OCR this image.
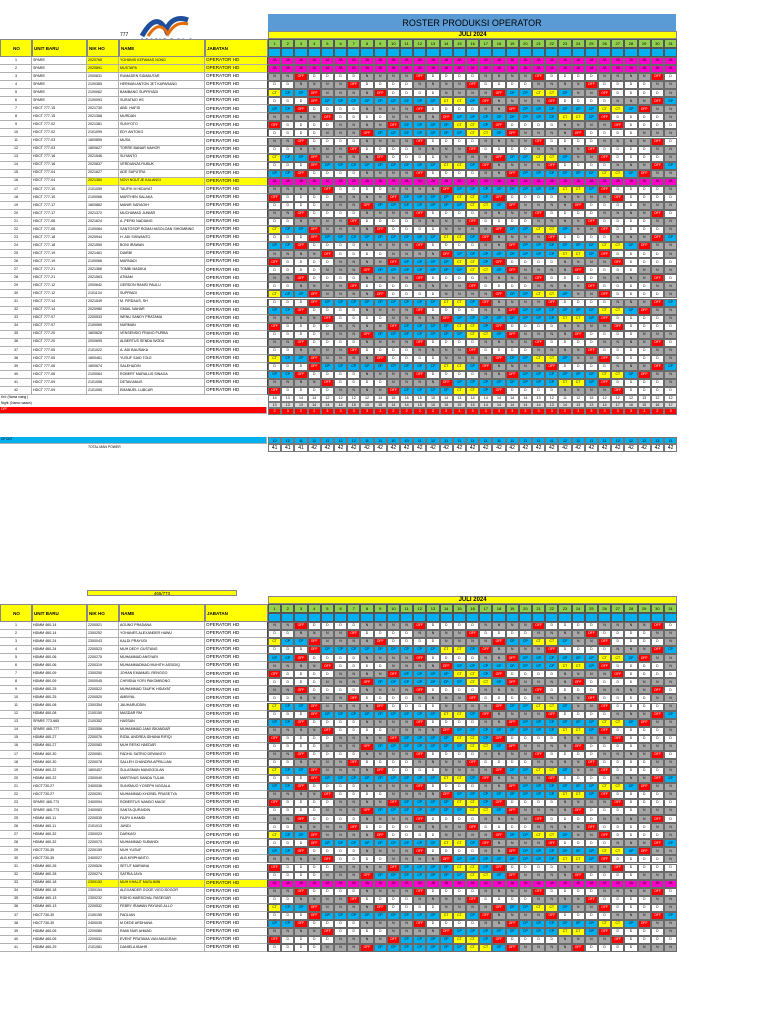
777
ROSTER PRODUKSI OPERATOR
JULI 2024
NO	UNIT BARU	NIK HO	NAME	JABATAN
1	2	3	4	5	6	7	8	9	10	11	12	13	14	15	16	17	18	19	20	21	22	23	24	25	26	27	28	29	30	31
1	SPARE	2020765	YOHANIS KEFAMAS NONG	OPERATOR HD	JA	JA	JA	JA	JA	JA	JA	JA	JA	JA	JA	JA	JA	JA	JA	JA	JA	JA	JA	JA	JA	JA	JA	JA	JA	JA	JA	JA	JA	JA	JA
2	SPARE	2020891	MUSTAPA	OPERATOR HD	JA	JA	JA	JA	JA	JA	JA	JA	JA	JA	JA	JA	JA	JA	JA	JA	JA	JA	JA	JA	JA	JA	JA	JA	JA	JA	JA	JA	JA	JA	JA
3	SPARE	2000631	RUMADEN SIDABUTAR	OPERATOR HD	N	N	OFF	D	D	D	D	N	N	N	N	OFF	D	D	D	D	N	N	N	N	OFF	D	D	D	D	N	N	N	N	OFF	D
4	SPARE	2100365	HERMAN ANTON JET KAPARANG	OPERATOR HD	D	D	N	N	N	N	OFF	D	D	D	D	N	N	N	N	OFF	D	D	D	D	N	N	N	N	OFF	D	D	D	D	N	N
5	SPARE	2100062	BAMBANG SUPRIYADI	OPERATOR HD	CT	CP	CP	OFF	N	N	N	N	OFF	D	D	D	D	N	N	N	N	OFF	CP	CP	CT	CT	CP	N	N	OFF	D	D	D	D	N
6	SPARE	2100093	SURATMO HS	OPERATOR HD	D	D	D	OFF	CP	CP	CP	CP	CP	CP	CP	CP	CP	CT	CT	CP	OFF	N	N	N	N	OFF	D	D	D	D	N	N	N	OFF	CP
7	HDCT 777-15	2021730	ABD. HAFID	OPERATOR HD	CP	CP	OFF	D	D	D	D	N	N	N	N	OFF	D	D	D	D	N	N	OFF	CP	CP	CP	CP	CP	CP	CT	CT	CP	OFF	N	N
8	HDCT 777-15	2021368	MURDAN	OPERATOR HD	N	N	N	N	OFF	D	D	D	D	N	N	N	N	OFF	CP	CP	CP	CP	CP	CP	CP	CP	CT	CT	CP	OFF	D	D	D	D	N
9	HDCT 777-02	2021381	SUNYOTO	OPERATOR HD	OFF	D	D	D	D	N	N	N	N	OFF	CP	CP	CP	CP	CT	CT	CP	OFF	D	D	D	D	N	N	N	N	OFF	D	D	D	D
10	HDCT 777-02	2101099	EDY ANTOKO	OPERATOR HD	D	D	D	D	N	N	N	OFF	CP	CP	CP	CP	CP	CP	CP	CT	CT	CP	OFF	N	N	N	N	OFF	D	D	D	D	N	N	N
11	HDCT 777-03	1800859	MUSA	OPERATOR HD	N	N	OFF	D	D	D	D	N	N	N	N	OFF	D	D	D	D	N	N	N	N	OFF	D	D	D	D	N	N	N	N	OFF	D
12	HDCT 777-03	1800627	TORRE BANAR NAHOR	OPERATOR HD	D	D	N	N	N	N	OFF	D	D	D	D	N	N	N	N	OFF	D	D	D	D	N	N	N	N	OFF	D	D	D	D	N	N
13	HDCT 777-16	2021546	SUYANTO	OPERATOR HD	CT	CP	CP	OFF	N	N	N	N	OFF	D	D	D	D	N	N	N	N	OFF	CP	CP	CT	CT	CP	N	N	OFF	D	D	D	D	N
14	HDCT 777-16	2020837	VERDIANZA RUBUK	OPERATOR HD	D	D	D	OFF	CP	CP	CP	CP	CP	CP	CP	CP	CP	CT	CT	CP	OFF	N	N	N	N	OFF	D	D	D	D	N	N	N	OFF	CP
15	HDCT 777-04	2021627	ADE SAPUTRA	OPERATOR HD	CP	CP	OFF	D	D	D	D	N	N	N	N	OFF	D	D	D	D	N	N	OFF	CP	CP	CP	CP	CP	CP	CT	CT	CP	OFF	N	N
16	HDCT 777-04	2021360	NOVI NOUTJE KALANGI	OPERATOR HD	JA	JA	JA	JA	JA	JA	JA	JA	JA	JA	JA	JA	JA	JA	JA	JA	JA	JA	JA	JA	JA	JA	JA	JA	JA	JA	JA	JA	JA	JA	JA
17	HDCT 777-10	2101059	TAUFIK M HIDAYAT	OPERATOR HD	N	N	N	N	OFF	D	D	D	D	N	N	N	N	OFF	CP	CP	CP	CP	CP	CP	CP	CP	CT	CT	CP	OFF	D	D	D	D	N
18	HDCT 777-10	2100066	MARTHEN SALAKA	OPERATOR HD	OFF	D	D	D	D	N	N	N	N	OFF	CP	CP	CP	CP	CT	CT	CP	OFF	D	D	D	D	N	N	N	N	OFF	D	D	D	D
19	HDCT 777-17	1800862	MANIR SARAGIH	OPERATOR HD	D	D	D	D	N	N	N	OFF	CP	CP	CP	CP	CP	CP	CP	CT	CT	CP	OFF	N	N	N	N	OFF	D	D	D	D	N	N	N
20	HDCT 777-17	2021372	MUCHAMAD JUNIAR	OPERATOR HD	N	N	OFF	D	D	D	D	N	N	N	N	OFF	D	D	D	D	N	N	N	N	OFF	D	D	D	D	N	N	N	N	OFF	D
21	HDCT 777-06	2021624	A. PERKI NADIANG	OPERATOR HD	D	D	N	N	N	N	OFF	D	D	D	D	N	N	N	N	OFF	D	D	D	D	N	N	N	N	OFF	D	D	D	D	N	N
22	HDCT 777-06	2100084	SANTOSOP ROMA HASOLOAN SIHOMBING	OPERATOR HD	CT	CP	CP	OFF	N	N	N	N	OFF	D	D	D	D	N	N	N	N	OFF	CP	CP	CT	CT	CP	N	N	OFF	D	D	D	D	N
23	HDCT 777-18	2020944	H. ADI SISWANTO	OPERATOR HD	D	D	D	OFF	CP	CP	CP	CP	CP	CP	CP	CP	CP	CT	CT	CP	OFF	N	N	N	N	OFF	D	D	D	D	N	N	N	OFF	CP
24	HDCT 777-18	2021550	BONI IRAWAN	OPERATOR HD	CP	CP	OFF	D	D	D	D	N	N	N	N	OFF	D	D	D	D	N	N	OFF	CP	CP	CP	CP	CP	CP	CT	CT	CP	OFF	N	N
25	HDCT 777-19	2021461	DIARBI	OPERATOR HD	N	N	N	N	OFF	D	D	D	D	N	N	N	N	OFF	CP	CP	CP	CP	CP	CP	CP	CP	CT	CT	CP	OFF	D	D	D	D	N
26	HDCT 777-19	2100066	MARNADI	OPERATOR HD	OFF	D	D	D	D	N	N	N	N	OFF	CP	CP	CP	CP	CT	CT	CP	OFF	D	D	D	D	N	N	N	N	OFF	D	D	D	D
27	HDCT 777-21	2021366	TOMBI MADIKA	OPERATOR HD	D	D	D	D	N	N	N	OFF	CP	CP	CP	CP	CP	CP	CP	CT	CT	CP	OFF	N	N	N	N	OFF	D	D	D	D	N	N	N
28	HDCT 777-21	2021563	ATMAM	OPERATOR HD	N	N	OFF	D	D	D	D	N	N	N	N	OFF	D	D	D	D	N	N	N	N	OFF	D	D	D	D	N	N	N	N	OFF	D
29	HDCT 777-12	2000642	GERSON RAMSI PAULU	OPERATOR HD	D	D	N	N	N	N	OFF	D	D	D	D	N	N	N	N	OFF	D	D	D	D	N	N	N	N	OFF	D	D	D	D	N	N
30	HDCT 777-12	2101134	SUPRIADI	OPERATOR HD	CT	CP	CP	OFF	N	N	N	N	OFF	D	D	D	D	N	N	N	N	OFF	CP	CP	CT	CT	CP	N	N	OFF	D	D	D	D	N
31	HDCT 777-14	2021549	M. FIRDAUS, SH	OPERATOR HD	D	D	D	OFF	CP	CP	CP	CP	CP	CP	CP	CP	CP	CT	CT	CP	OFF	N	N	N	N	OFF	D	D	D	D	N	N	N	OFF	CP
32	HDCT 777-14	2020980	GMAIL NAHAR	OPERATOR HD	CP	CP	OFF	D	D	D	D	N	N	N	N	OFF	D	D	D	D	N	N	OFF	CP	CP	CP	CP	CP	CP	CT	CT	CP	OFF	N	N
33	HDCT 777-07	2200533	WENU SANDY PRATAMA	OPERATOR HD	N	N	N	N	OFF	D	D	D	D	N	N	N	N	OFF	CP	CP	CP	CP	CP	CP	CP	CP	CT	CT	CP	OFF	D	D	D	D	N
34	HDCT 777-07	2100069	NURMAN	OPERATOR HD	OFF	D	D	D	D	N	N	N	N	OFF	CP	CP	CP	CP	CT	CT	CP	OFF	D	D	D	D	N	N	N	N	OFF	D	D	D	D
35	HDCT 777-20	1800628	VENSENSIO FRANO PURBA	OPERATOR HD	D	D	D	D	N	N	N	OFF	CP	CP	CP	CP	CP	CP	CP	CT	CT	CP	OFF	N	N	N	N	OFF	D	D	D	D	N	N	N
36	HDCT 777-20	2000695	ALBERTUS SENDA WODA	OPERATOR HD	N	N	OFF	D	D	D	D	N	N	N	N	OFF	D	D	D	D	N	N	N	N	OFF	D	D	D	D	N	N	N	N	OFF	D
37	HDCT 777-05	2101022	A. ADI BAUSAKA	OPERATOR HD	D	D	N	N	N	N	OFF	D	D	D	D	N	N	N	N	OFF	D	D	D	D	N	N	N	N	OFF	D	D	D	D	N	N
38	HDCT 777-05	1800461	YUSUF SAID TOLE	OPERATOR HD	CT	CP	CP	OFF	N	N	N	N	OFF	D	D	D	D	N	N	N	N	OFF	CP	CP	CT	CT	CP	N	N	OFF	D	D	D	D	N
39	HDCT 777-06	1800674	SALEHUDIN	OPERATOR HD	D	D	D	OFF	CP	CP	CP	CP	CP	CP	CP	CP	CP	CT	CT	CP	OFF	N	N	N	N	OFF	D	D	D	D	N	N	N	OFF	CP
40	HDCT 777-06	2100064	ROBERT MARALUS SINAGA	OPERATOR HD	CP	CP	OFF	D	D	D	D	N	N	N	N	OFF	D	D	D	D	N	N	OFF	CP	CP	CP	CP	CP	CP	CT	CT	CP	OFF	N	N
41	HDCT 777-09	2101058	DETAVIANUS	OPERATOR HD	N	N	N	N	OFF	D	D	D	D	N	N	N	N	OFF	CP	CP	CP	CP	CP	CP	CP	CP	CT	CT	CP	OFF	D	D	D	D	N
42	HDCT 777-09	2101050	EMANUEL LUBCAR	OPERATOR HD	OFF	D	D	D	D	N	N	N	N	OFF	CP	CP	CP	CP	CT	CT	CP	OFF	D	D	D	D	N	N	N	N	OFF	D	D	D	D
Ket: (Nama ruang )
Night: (Nama ruaaan)
OFF
14	13	14	14	12	12	12	12	14	15	16	15	15	14	13	14	14	14	14	14	13	12	11	12	15	12	12	12	13	12	12
13	13	13	14	14	14	15	15	15	14	14	15	15	15	15	15	14	14	14	14	14	13	14	13	13	14	17	16	15	16	17
2	3	2	2	3	3	3	3	3	2	2	2	2	2	3	3	3	3	3	3	3	3	2	3	3	3	3	3	3	2	3
CP DCT	10	12	11	11	11	12	12	11	11	10	10	11	12	11	11	11	11	11	11	11	11	11	12	11	11	11	12	12	12	13	11
TOTAL MAN POWER	41	41	41	42	42	42	42	42	42	42	42	42	42	42	42	42	42	42	42	42	42	42	42	42	42	42	42	42	42	42	42
JULI 2024
465/773
NO	UNIT BARU	NIK HO	NAME	JABATAN
1	2	3	4	5	6	7	8	9	10	11	12	13	14	15	16	17	18	19	20	21	22	23	24	25	26	27	28	29	30	31
1	HDMM 460-14	2200521	AGUNG PRADANA	OPERATOR HD	N	N	OFF	D	D	D	D	N	N	N	N	OFF	D	D	D	D	N	N	N	N	OFF	D	D	D	D	N	N	N	N	OFF	D
2	HDMM 460-14	2300252	YOHANES ALEXANDER HAWU	OPERATOR HD	D	D	N	N	N	N	OFF	D	D	D	D	N	N	N	N	OFF	D	D	D	D	N	N	N	N	OFF	D	D	D	D	N	N
3	HDMM 460-24	2300043	KALDI PRAYUDI	OPERATOR HD	CT	CP	CP	OFF	N	N	N	N	OFF	D	D	D	D	N	N	N	N	OFF	CP	CP	CT	CT	CP	N	N	OFF	D	D	D	D	N
4	HDMM 460-24	2200523	MUH DEDY GUSTANG	OPERATOR HD	D	D	D	OFF	CP	CP	CP	CP	CP	CP	CP	CP	CP	CT	CT	CP	OFF	N	N	N	N	OFF	D	D	D	D	N	N	N	OFF	CP
5	HDMM 460-06	2200275	MUHAMMAD ANSYARI	OPERATOR HD	CP	CP	OFF	D	D	D	D	N	N	N	N	OFF	D	D	D	D	N	N	OFF	CP	CP	CP	CP	CP	CP	CT	CT	CP	OFF	N	N
6	HDMM 460-06	2200319	MUHAMMADMAD MUHITH ASSIDIQ	OPERATOR HD	N	N	N	N	OFF	D	D	D	D	N	N	N	N	OFF	CP	CP	CP	CP	CP	CP	CP	CP	CT	CT	CP	OFF	D	D	D	D	N
7	HDMM 460-09	2300250	JOHAN EMANUEL RENGGO	OPERATOR HD	OFF	D	D	D	D	N	N	N	N	OFF	CP	CP	CP	CP	CT	CT	CP	OFF	D	D	D	D	N	N	N	N	OFF	D	D	D	D
8	HDMM 460-09	2000045	CHRISNA YORI PAKOMBONG	OPERATOR HD	D	D	D	D	N	N	N	OFF	CP	CP	CP	CP	CP	CP	CP	CT	CT	CP	OFF	N	N	N	N	OFF	D	D	D	D	N	N	N
9	HDMM 460-25	2200522	MUHAMMAD TAUFIK HIDAYAT	OPERATOR HD	N	N	OFF	D	D	D	D	N	N	N	N	OFF	D	D	D	D	N	N	N	N	OFF	D	D	D	D	N	N	N	N	OFF	D
10	HDMM 460-25	2200520	AMBIYAL	OPERATOR HD	D	D	N	N	N	N	OFF	D	D	D	D	N	N	N	N	OFF	D	D	D	D	N	N	N	N	OFF	D	D	D	D	N	N
11	HDMM 460-08	2300354	JAUHARUDDIN	OPERATOR HD	CT	CP	CP	OFF	N	N	N	N	OFF	D	D	D	D	N	N	N	N	OFF	CP	CP	CT	CT	CP	N	N	OFF	D	D	D	D	N
12	HDMM 460-08	2100150	MASDAR RM	OPERATOR HD	D	D	D	OFF	CP	CP	CP	CP	CP	CP	CP	CP	CP	CT	CT	CP	OFF	N	N	N	N	OFF	D	D	D	D	N	N	N	OFF	CP
13	SPARE 773-665	2100352	HASSAN	OPERATOR HD	CP	CP	OFF	D	D	D	D	N	N	N	N	OFF	D	D	D	D	N	N	OFF	CP	CP	CP	CP	CP	CP	CT	CT	CP	OFF	N	N
14	SPARE 465-777	2300556	MUHAMMAD JAMI ISKANDAR	OPERATOR HD	N	N	N	N	OFF	D	D	D	D	N	N	N	N	OFF	CP	CP	CP	CP	CP	CP	CP	CP	CT	CT	CP	OFF	D	D	D	D	N
15	HDMM 460-27	2200076	RIZAL ANDREA IDHANA RIFIQI	OPERATOR HD	OFF	D	D	D	D	N	N	N	N	OFF	CP	CP	CP	CP	CT	CT	CP	OFF	D	D	D	D	N	N	N	N	OFF	D	D	D	D
16	HDMM 460-27	2200083	MUH RESKI HAEDAR	OPERATOR HD	D	D	D	D	N	N	N	OFF	CP	CP	CP	CP	CP	CP	CP	CT	CT	CP	OFF	N	N	N	N	OFF	D	D	D	D	N	N	N
17	HDMM 460-30	2200081	FADHIL SATRIO DEWANTO	OPERATOR HD	N	N	OFF	D	D	D	D	N	N	N	N	OFF	D	D	D	D	N	N	N	N	OFF	D	D	D	D	N	N	N	N	OFF	D
18	HDMM 460-30	2200078	SALLEH CHANDRA APRILLIAN	OPERATOR HD	D	D	N	N	N	N	OFF	D	D	D	D	N	N	N	N	OFF	D	D	D	D	N	N	N	N	OFF	D	D	D	D	N	N
19	HDMM 460-22	1800457	SULASMAN MANGGOLAN	OPERATOR HD	CT	CP	CP	OFF	N	N	N	N	OFF	D	D	D	D	N	N	N	N	OFF	CP	CP	CT	CT	CP	N	N	OFF	D	D	D	D	N
20	HDMM 460-22	2300049	MARTINUS SANDA TULAK	OPERATOR HD	D	D	D	OFF	CP	CP	CP	CP	CP	CP	CP	CP	CP	CT	CT	CP	OFF	N	N	N	N	OFF	D	D	D	D	N	N	N	OFF	CP
21	HDCT730-27	2400036	SUNSMUO YOSEPH NGGALA	OPERATOR HD	CP	CP	OFF	D	D	D	D	N	N	N	N	OFF	D	D	D	D	N	N	OFF	CP	CP	CP	CP	CP	CP	CT	CT	CP	OFF	N	N
22	HDCT730-27	2200251	MUHAMMAD KHOBEL PRASETYA	OPERATOR HD	N	N	N	N	OFF	D	D	D	D	N	N	N	N	OFF	CP	CP	CP	CP	CP	CP	CP	CP	CT	CT	CP	OFF	D	D	D	D	N
23	SPARE 465-773	2400094	ROBERTUS NANDO MAGE	OPERATOR HD	OFF	D	D	D	D	N	N	N	N	OFF	CP	CP	CP	CP	CT	CT	CP	OFF	D	D	D	D	N	N	N	N	OFF	D	D	D	D
24	SPARE 465-773	2400083	SANTA QURAIDIN	OPERATOR HD	D	D	D	D	N	N	N	OFF	CP	CP	CP	CP	CP	CP	CP	CT	CT	CP	OFF	N	N	N	N	OFF	D	D	D	D	N	N	N
25	HDMM 460-11	2200535	FAJRI ILHAMDI	OPERATOR HD	N	N	OFF	D	D	D	D	N	N	N	N	OFF	D	D	D	D	N	N	N	N	OFF	D	D	D	D	N	N	N	N	OFF	D
26	HDMM 460-11	2101013	JUNDI	OPERATOR HD	D	D	N	N	N	N	OFF	D	D	D	D	N	N	N	N	OFF	D	D	D	D	N	N	N	N	OFF	D	D	D	D	N	N
27	HDMM 460-32	2300023	DARKASI	OPERATOR HD	CT	CP	CP	OFF	N	N	N	N	OFF	D	D	D	D	N	N	N	N	OFF	CP	CP	CT	CT	CP	N	N	OFF	D	D	D	D	N
28	HDMM 460-32	2200073	MUHAMMAD SUBANDI	OPERATOR HD	D	D	D	OFF	CP	CP	CP	CP	CP	CP	CP	CP	CP	CT	CT	CP	OFF	N	N	N	N	OFF	D	D	D	D	N	N	N	OFF	CP
29	HDCT730-35	2200159	MUH YUSUF	OPERATOR HD	CP	CP	OFF	D	D	D	D	N	N	N	N	OFF	D	D	D	D	N	N	OFF	CP	CP	CP	CP	CP	CP	CT	CT	CP	OFF	N	N
30	HDCT730-35	2400027	ALB KRIPHANTO	OPERATOR HD	N	N	N	N	OFF	D	D	D	D	N	N	N	N	OFF	CP	CP	CP	CP	CP	CP	CP	CP	CT	CT	CP	OFF	D	D	D	D	N
31	HDMM 460-26	2200526	SETUT MARIANA	OPERATOR HD	OFF	D	D	D	D	N	N	N	N	OFF	CP	CP	CP	CP	CT	CT	CP	OFF	D	D	D	D	N	N	N	N	OFF	D	D	D	D
32	HDMM 460-28	2200274	SATRIA JAYA	OPERATOR HD	D	D	D	D	N	N	N	OFF	CP	CP	CP	CP	CP	CP	CP	CT	CT	CP	OFF	N	N	N	N	OFF	D	D	D	D	N	N	N
33	HDMM 460-18	2300152	MUH KHALIT MUSLIMIN	OPERATOR HD	JA	JA	JA	JA	JA	JA	JA	JA	JA	JA	JA	JA	JA	JA	JA	JA	JA	JA	JA	JA	JA	JA	JA	JA	JA	JA	JA	JA	JA	JA	JA
34	HDMM 460-18	2300154	ALEXANDER GOGE VIGO BOGOR	OPERATOR HD	N	N	OFF	D	D	D	D	N	N	N	N	OFF	D	D	D	D	N	N	N	N	OFF	D	D	D	D	N	N	N	N	OFF	D
35	HDMM 460-13	2300232	RIDHO MARSCHAL RASEGAR	OPERATOR HD	D	D	N	N	N	N	OFF	D	D	D	D	N	N	N	N	OFF	D	D	D	D	N	N	N	N	OFF	D	D	D	D	N	N
36	HDMM 460-13	2200532	FEBRY IRAWAN PAYUNG ALLO	OPERATOR HD	CT	CP	CP	OFF	N	N	N	N	OFF	D	D	D	D	N	N	N	N	OFF	CP	CP	CT	CT	CP	N	N	OFF	D	D	D	D	N
37	HDCT730-30	2100155	FADLIAN	OPERATOR HD	D	D	D	OFF	CP	CP	CP	CP	CP	CP	CP	CP	CP	CT	CT	CP	OFF	N	N	N	N	OFF	D	D	D	D	N	N	N	OFF	CP
38	HDCT730-30	2400035	M DEDE ARDHANA	OPERATOR HD	CP	CP	OFF	D	D	D	D	N	N	N	N	OFF	D	D	D	D	N	N	OFF	CP	CP	CP	CP	CP	CP	CT	CT	CP	OFF	N	N
39	HDMM 460-05	2200080	RAMI NUR AHMAD	OPERATOR HD	N	N	N	N	OFF	D	D	D	D	N	N	N	N	OFF	CP	CP	CP	CP	CP	CP	CP	CP	CT	CT	CP	OFF	D	D	D	D	N
40	HDMM 460-05	2200531	EVENT PRATAMA VAN ANUGRAH	OPERATOR HD	OFF	D	D	D	D	N	N	N	N	OFF	CP	CP	CP	CP	CT	CT	CP	OFF	D	D	D	D	N	N	N	N	OFF	D	D	D	D
41	HDMM 460-29	2101081	DANIELA IBAHR	OPERATOR HD	D	D	D	D	N	N	N	OFF	CP	CP	CP	CP	CP	CP	CP	CT	CT	CP	OFF	N	N	N	N	OFF	D	D	D	D	N	N	N
